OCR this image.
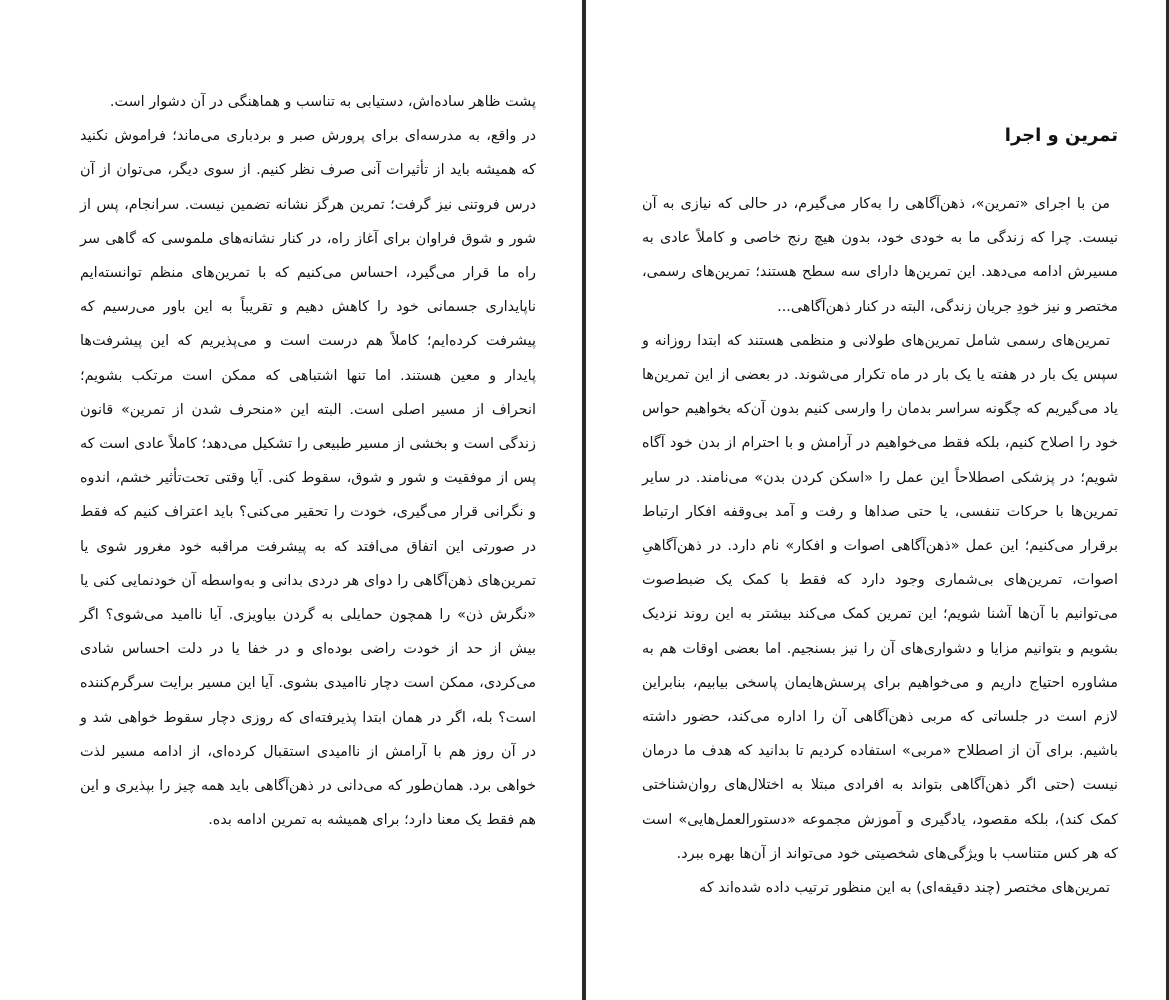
پشت ظاهر ساده‌اش، دستیابی به تناسب و هماهنگی در آن دشوار است.

در واقع، به مدرسه‌ای برای پرورش صبر و بردباری می‌ماند؛ فراموش نکنید که همیشه باید از تأثیرات آنی صرف نظر کنیم. از سوی دیگر، می‌توان از آن درس فروتنی نیز گرفت؛ تمرین هرگز نشانه تضمین نیست. سرانجام، پس از شور و شوق فراوان برای آغاز راه، در کنار نشانه‌های ملموسی که گاهی سر راه ما قرار می‌گیرد، احساس می‌کنیم که با تمرین‌های منظم توانسته‌ایم ناپایداری جسمانی خود را کاهش دهیم و تقریباً به این باور می‌رسیم که پیشرفت کرده‌ایم؛ کاملاً هم درست است و می‌پذیریم که این پیشرفت‌ها پایدار و معین هستند. اما تنها اشتباهی که ممکن است مرتکب بشویم؛ انحراف از مسیر اصلی است. البته این «منحرف شدن از تمرین» قانون زندگی است و بخشی از مسیر طبیعی را تشکیل می‌دهد؛ کاملاً عادی است که پس از موفقیت و شور و شوق، سقوط کنی. آیا وقتی تحت‌تأثیر خشم، اندوه و نگرانی قرار می‌گیری، خودت را تحقیر می‌کنی؟ باید اعتراف کنیم که فقط در صورتی این اتفاق می‌افتد که به پیشرفت مراقبه خود مغرور شوی یا تمرین‌های ذهن‌آگاهی را دوای هر دردی بدانی و به‌واسطه آن خودنمایی کنی یا «نگرش ذن» را همچون حمایلی به گردن بیاویزی. آیا ناامید می‌شوی؟ اگر بیش از حد از خودت راضی بوده‌ای و در خفا یا در دلت احساس شادی می‌کردی، ممکن است دچار ناامیدی بشوی. آیا این مسیر برایت سرگرم‌کننده است؟ بله، اگر در همان ابتدا پذیرفته‌ای که روزی دچار سقوط خواهی شد و در آن روز هم با آرامش از ناامیدی استقبال کرده‌ای، از ادامه مسیر لذت خواهی برد. همان‌طور که می‌دانی در ذهن‌آگاهی باید همه چیز را بپذیری و این هم فقط یک معنا دارد؛ برای همیشه به تمرین ادامه بده.

تمرین و اجرا

من با اجرای «تمرین»، ذهن‌آگاهی را به‌کار می‌گیرم، در حالی که نیازی به آن نیست. چرا که زندگی ما به خودی خود، بدون هیچ رنج خاصی و کاملاً عادی به مسیرش ادامه می‌دهد. این تمرین‌ها دارای سه سطح هستند؛ تمرین‌های رسمی، مختصر و نیز خودِ جریان زندگی، البته در کنار ذهن‌آگاهی...

تمرین‌های رسمی شامل تمرین‌های طولانی و منظمی هستند که ابتدا روزانه و سپس یک بار در هفته یا یک بار در ماه تکرار می‌شوند. در بعضی از این تمرین‌ها یاد می‌گیریم که چگونه سراسر بدمان را وارسی کنیم بدون آن‌که بخواهیم حواس خود را اصلاح کنیم، بلکه فقط می‌خواهیم در آرامش و با احترام از بدن خود آگاه شویم؛ در پزشکی اصطلاحاً این عمل را «اسکن کردن بدن» می‌نامند. در سایر تمرین‌ها با حرکات تنفسی، یا حتی صداها و رفت و آمد بی‌وقفه افکار ارتباط برقرار می‌کنیم؛ این عمل «ذهن‌آگاهی اصوات و افکار» نام دارد. در ذهن‌آگاهیِ اصوات، تمرین‌های بی‌شماری وجود دارد که فقط با کمک یک ضبط‌صوت می‌توانیم با آن‌ها آشنا شویم؛ این تمرین کمک می‌کند بیشتر به این روند نزدیک بشویم و بتوانیم مزایا و دشواری‌های آن را نیز بسنجیم. اما بعضی اوقات هم به مشاوره احتیاج داریم و می‌خواهیم برای پرسش‌هایمان پاسخی بیابیم، بنابراین لازم است در جلساتی که مربی ذهن‌آگاهی آن را اداره می‌کند، حضور داشته باشیم. برای آن از اصطلاح «مربی» استفاده کردیم تا بدانید که هدف ما درمان نیست (حتی اگر ذهن‌آگاهی بتواند به افرادی مبتلا به اختلال‌های روان‌شناختی کمک کند)، بلکه مقصود، یادگیری و آموزش مجموعه «دستورالعمل‌هایی» است که هر کس متناسب با ویژگی‌های شخصیتی خود می‌تواند از آن‌ها بهره ببرد.

تمرین‌های مختصر (چند دقیقه‌ای) به این منظور ترتیب داده شده‌اند که
